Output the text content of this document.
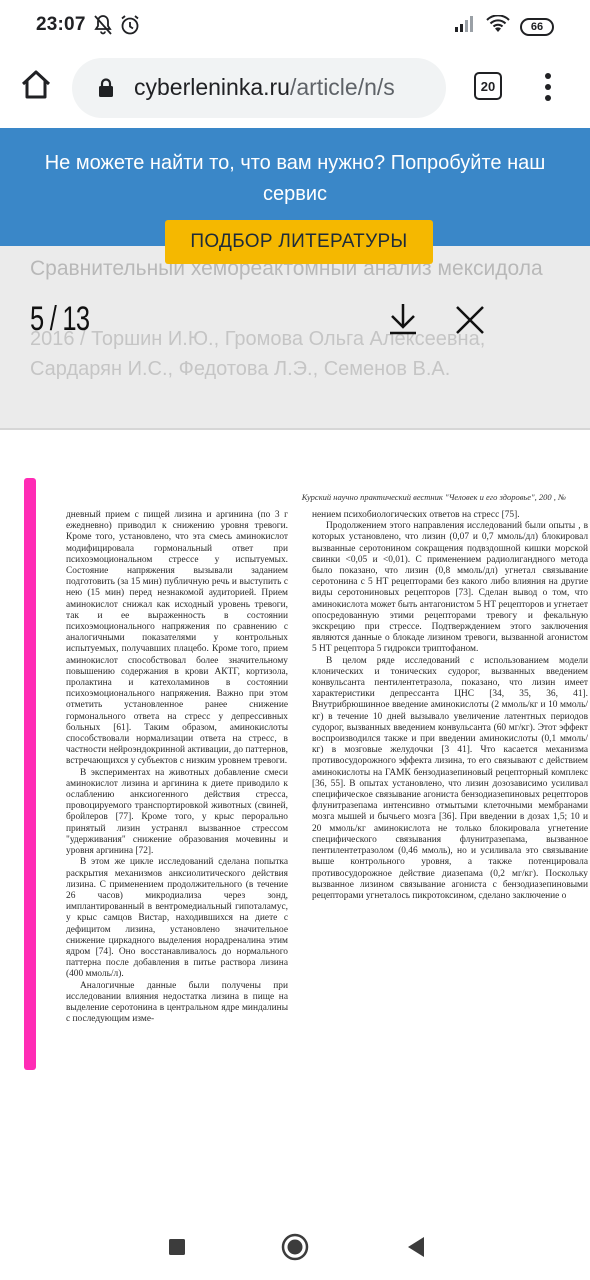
23:07	66
cyberleninka.ru/article/n/s	20
5 / 13
Не можете найти то, что вам нужно? Попробуйте наш сервис
ПОДБОР ЛИТЕРАТУРЫ
Курский научно практический вестник "Человек и его здоровье", 200 , №

дневный прием с пищей лизина и аргинина (по 3 г ежедневно) приводил к снижению уровня тревоги. Кроме того, установлено, что эта смесь аминокислот модифицировала гормональный ответ при психоэмоциональном стрессе у испытуемых. Состояние напряжения вызывали заданием подготовить (за 15 мин) публичную речь и выступить с нею (15 мин) перед незнакомой аудиторией. Прием аминокислот снижал как исходный уровень тревоги, так и ее выраженность в состоянии психоэмоционального напряжения по сравнению с аналогичными показателями у контрольных испытуемых, получавших плацебо. Кроме того, прием аминокислот способствовал более значительному повышению содержания в крови АКТГ, кортизола, пролактина и катехоламинов в состоянии психоэмоционального напряжения. Важно при этом отметить установленное ранее снижение гормонального ответа на стресс у депрессивных больных [61]. Таким образом, аминокислоты способствовали нормализации ответа на стресс, в частности нейроэндокринной активации, до паттернов, встречающихся у субъектов с низким уровнем тревоги.

В экспериментах на животных добавление смеси аминокислот лизина и аргинина к диете приводило к ослаблению анксиогенного действия стресса, провоцируемого транспортировкой животных (свиней, бройлеров [77]. Кроме того, у крыс перорально принятый лизин устранял вызванное стрессом "удерживания" снижение образования мочевины и уровня аргинина [72].

В этом же цикле исследований сделана попытка раскрытия механизмов анксиолитического действия лизина. С применением продолжительного (в течение 26 часов) микродиализа через зонд, имплантированный в вентромедиальный гипоталамус, у крыс самцов Вистар, находившихся на диете с дефицитом лизина, установлено значительное снижение циркадного выделения норадреналина этим ядром [74]. Оно восстанавливалось до нормального паттерна после добавления в питье раствора лизина (400 ммоль/л).

Аналогичные данные были получены при исследовании влияния недостатка лизина в пище на выделение серотонина в центральном ядре миндалины с последующим изме-

нением психобиологических ответов на стресс [75].

Продолжением этого направления исследований были опыты , в которых установлено, что лизин (0,07 и 0,7 ммоль/дл) блокировал вызванные серотонином сокращения подвздошной кишки морской свинки <0,05 и <0,01). С применением радиолигандного метода было показано, что лизин (0,8 ммоль/дл) угнетал связывание серотонина с 5 НТ рецепторами без какого либо влияния на другие виды серотониновых рецепторов [73]. Сделан вывод о том, что аминокислота может быть антагонистом 5 НТ рецепторов и угнетает опосредованную этими рецепторами тревогу и фекальную экскрецию при стрессе. Подтверждением этого заключения являются данные о блокаде лизином тревоги, вызванной агонистом 5 НТ рецептора 5 гидрокси триптофаном.

В целом ряде исследований с использованием модели клонических и тонических судорог, вызванных введением конвульсанта пентилентетразола, показано, что лизин имеет характеристики депрессанта ЦНС [34, 35, 36, 41]. Внутрибрюшинное введение аминокислоты (2 ммоль/кг и 10 ммоль/кг) в течение 10 дней вызывало увеличение латентных периодов судорог, вызванных введением конвульсанта (60 мг/кг). Этот эффект воспроизводился также и при введении аминокислоты (0,1 ммоль/кг) в мозговые желудочки [3 41]. Что касается механизма противосудорожного эффекта лизина, то его связывают с действием аминокислоты на ГАМК бензодиазепиновый рецепторный комплекс [36, 55]. В опытах установлено, что лизин дозозависимо усиливал специфическое связывание агониста бензодиазепиновых рецепторов флунитразепама интенсивно отмытыми клеточными мембранами мозга мышей и бычьего мозга [36]. При введении в дозах 1,5; 10 и 20 ммоль/кг аминокислота не только блокировала угнетение специфического связывания флунитразепама, вызванное пентилентетразолом (0,46 ммоль), но и усиливала это связывание выше контрольного уровня, а также потенцировала противосудорожное действие диазепама (0,2 мг/кг). Поскольку вызванное лизином связывание агониста с бензодиазепиновыми рецепторами угнеталось пикротоксином, сделано заключение о
